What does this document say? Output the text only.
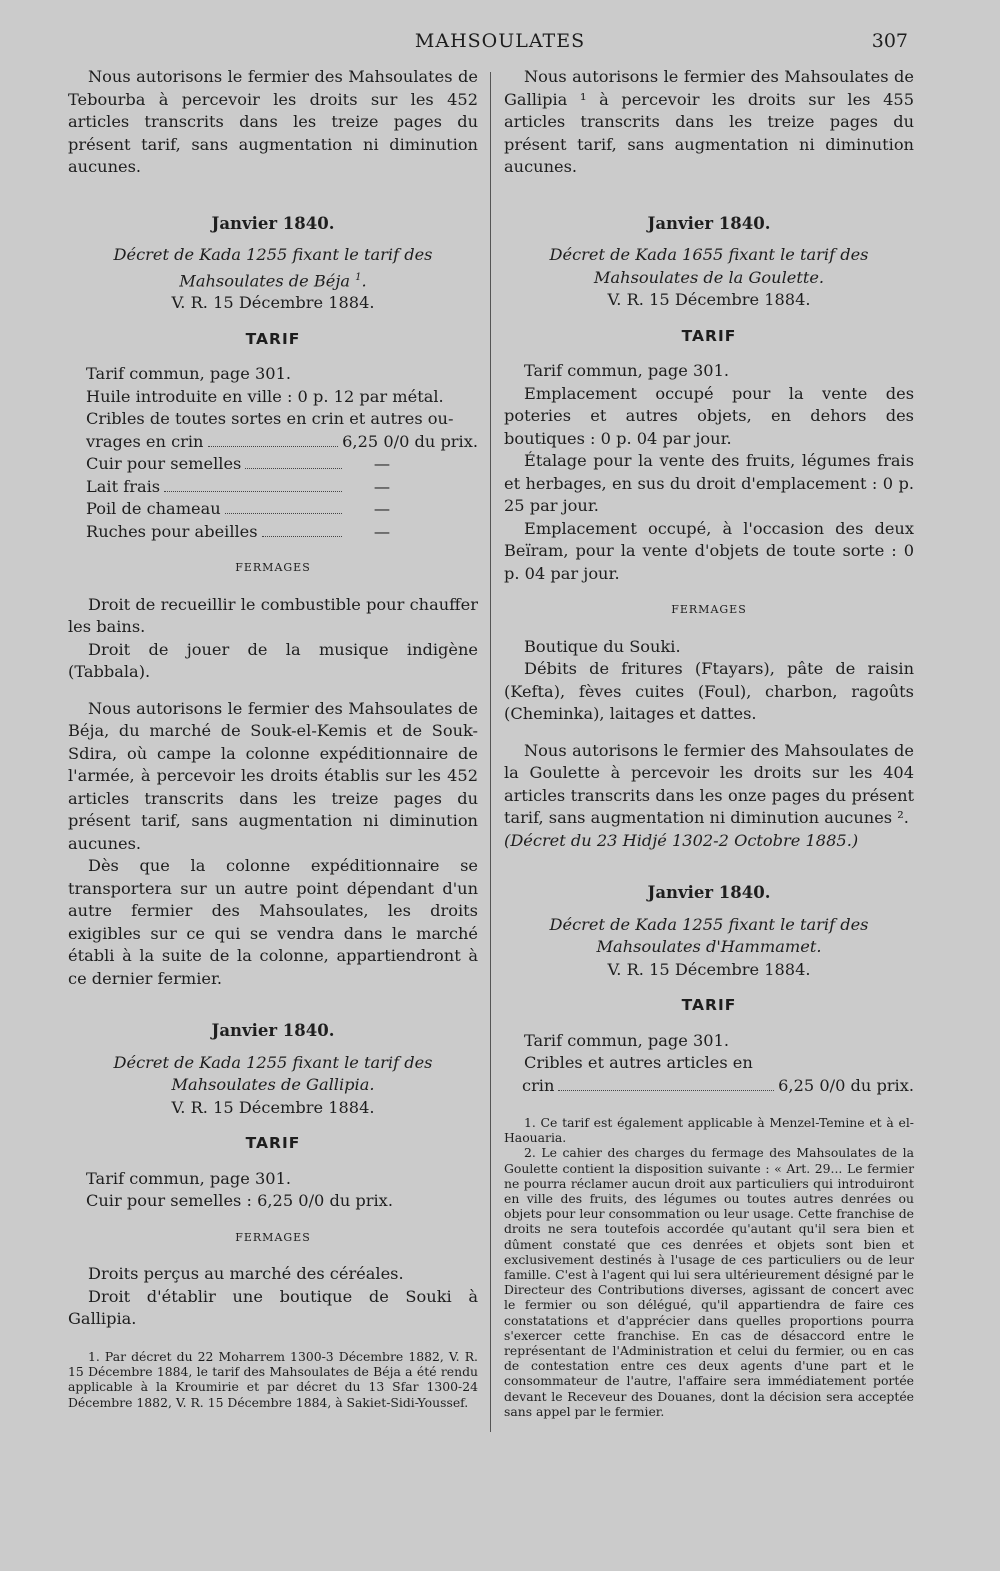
MAHSOULATES	307

Nous autorisons le fermier des Mahsoulates de Tebourba à percevoir les droits sur les 452 articles transcrits dans les treize pages du présent tarif, sans augmentation ni diminution aucunes.

Janvier 1840.

Décret de Kada 1255 fixant le tarif des Mahsoulates de Béja $^1$.

V. R. 15 Décembre 1884.

TARIF

Tarif commun, page 301.

Huile introduite en ville : 0 p. 12 par métal.

Cribles de toutes sortes en crin et autres ou-

vrages en crin	6,25 0/0 du prix.
Cuir pour semelles	—
Lait frais	—
Poil de chameau	—
Ruches pour abeilles	—

FERMAGES

Droit de recueillir le combustible pour chauffer les bains.

Droit de jouer de la musique indigène (Tabbala).

Nous autorisons le fermier des Mahsoulates de Béja, du marché de Souk-el-Kemis et de Souk-Sdira, où campe la colonne expéditionnaire de l'armée, à percevoir les droits établis sur les 452 articles transcrits dans les treize pages du présent tarif, sans augmentation ni diminution aucunes.

Dès que la colonne expéditionnaire se transportera sur un autre point dépendant d'un autre fermier des Mahsoulates, les droits exigibles sur ce qui se vendra dans le marché établi à la suite de la colonne, appartiendront à ce dernier fermier.

Janvier 1840.

Décret de Kada 1255 fixant le tarif des Mahsoulates de Gallipia.

V. R. 15 Décembre 1884.

TARIF

Tarif commun, page 301.

Cuir pour semelles : 6,25 0/0 du prix.

FERMAGES

Droits perçus au marché des céréales.

Droit d'établir une boutique de Souki à Gallipia.

1. Par décret du 22 Moharrem 1300-3 Décembre 1882, V. R. 15 Décembre 1884, le tarif des Mahsoulates de Béja a été rendu applicable à la Kroumirie et par décret du 13 Sfar 1300-24 Décembre 1882, V. R. 15 Décembre 1884, à Sakiet-Sidi-Youssef.

Nous autorisons le fermier des Mahsoulates de Gallipia ¹ à percevoir les droits sur les 455 articles transcrits dans les treize pages du présent tarif, sans augmentation ni diminution aucunes.

Janvier 1840.

Décret de Kada 1655 fixant le tarif des Mahsoulates de la Goulette.

V. R. 15 Décembre 1884.

TARIF

Tarif commun, page 301.

Emplacement occupé pour la vente des poteries et autres objets, en dehors des boutiques : 0 p. 04 par jour.

Étalage pour la vente des fruits, légumes frais et herbages, en sus du droit d'emplacement : 0 p. 25 par jour.

Emplacement occupé, à l'occasion des deux Beïram, pour la vente d'objets de toute sorte : 0 p. 04 par jour.

FERMAGES

Boutique du Souki.

Débits de fritures (Ftayars), pâte de raisin (Kefta), fèves cuites (Foul), charbon, ragoûts (Cheminka), laitages et dattes.

Nous autorisons le fermier des Mahsoulates de la Goulette à percevoir les droits sur les 404 articles transcrits dans les onze pages du présent tarif, sans augmentation ni diminution aucunes ².

(Décret du 23 Hidjé 1302-2 Octobre 1885.)

Janvier 1840.

Décret de Kada 1255 fixant le tarif des Mahsoulates d'Hammamet.

V. R. 15 Décembre 1884.

TARIF

Tarif commun, page 301.

Cribles et autres articles en

crin	6,25 0/0 du prix.

1. Ce tarif est également applicable à Menzel-Temine et à el-Haouaria.

2. Le cahier des charges du fermage des Mahsoulates de la Goulette contient la disposition suivante : « Art. 29... Le fermier ne pourra réclamer aucun droit aux particuliers qui introduiront en ville des fruits, des légumes ou toutes autres denrées ou objets pour leur consommation ou leur usage. Cette franchise de droits ne sera toutefois accordée qu'autant qu'il sera bien et dûment constaté que ces denrées et objets sont bien et exclusivement destinés à l'usage de ces particuliers ou de leur famille. C'est à l'agent qui lui sera ultérieurement désigné par le Directeur des Contributions diverses, agissant de concert avec le fermier ou son délégué, qu'il appartiendra de faire ces constatations et d'apprécier dans quelles proportions pourra s'exercer cette franchise. En cas de désaccord entre le représentant de l'Administration et celui du fermier, ou en cas de contestation entre ces deux agents d'une part et le consommateur de l'autre, l'affaire sera immédiatement portée devant le Receveur des Douanes, dont la décision sera acceptée sans appel par le fermier.
